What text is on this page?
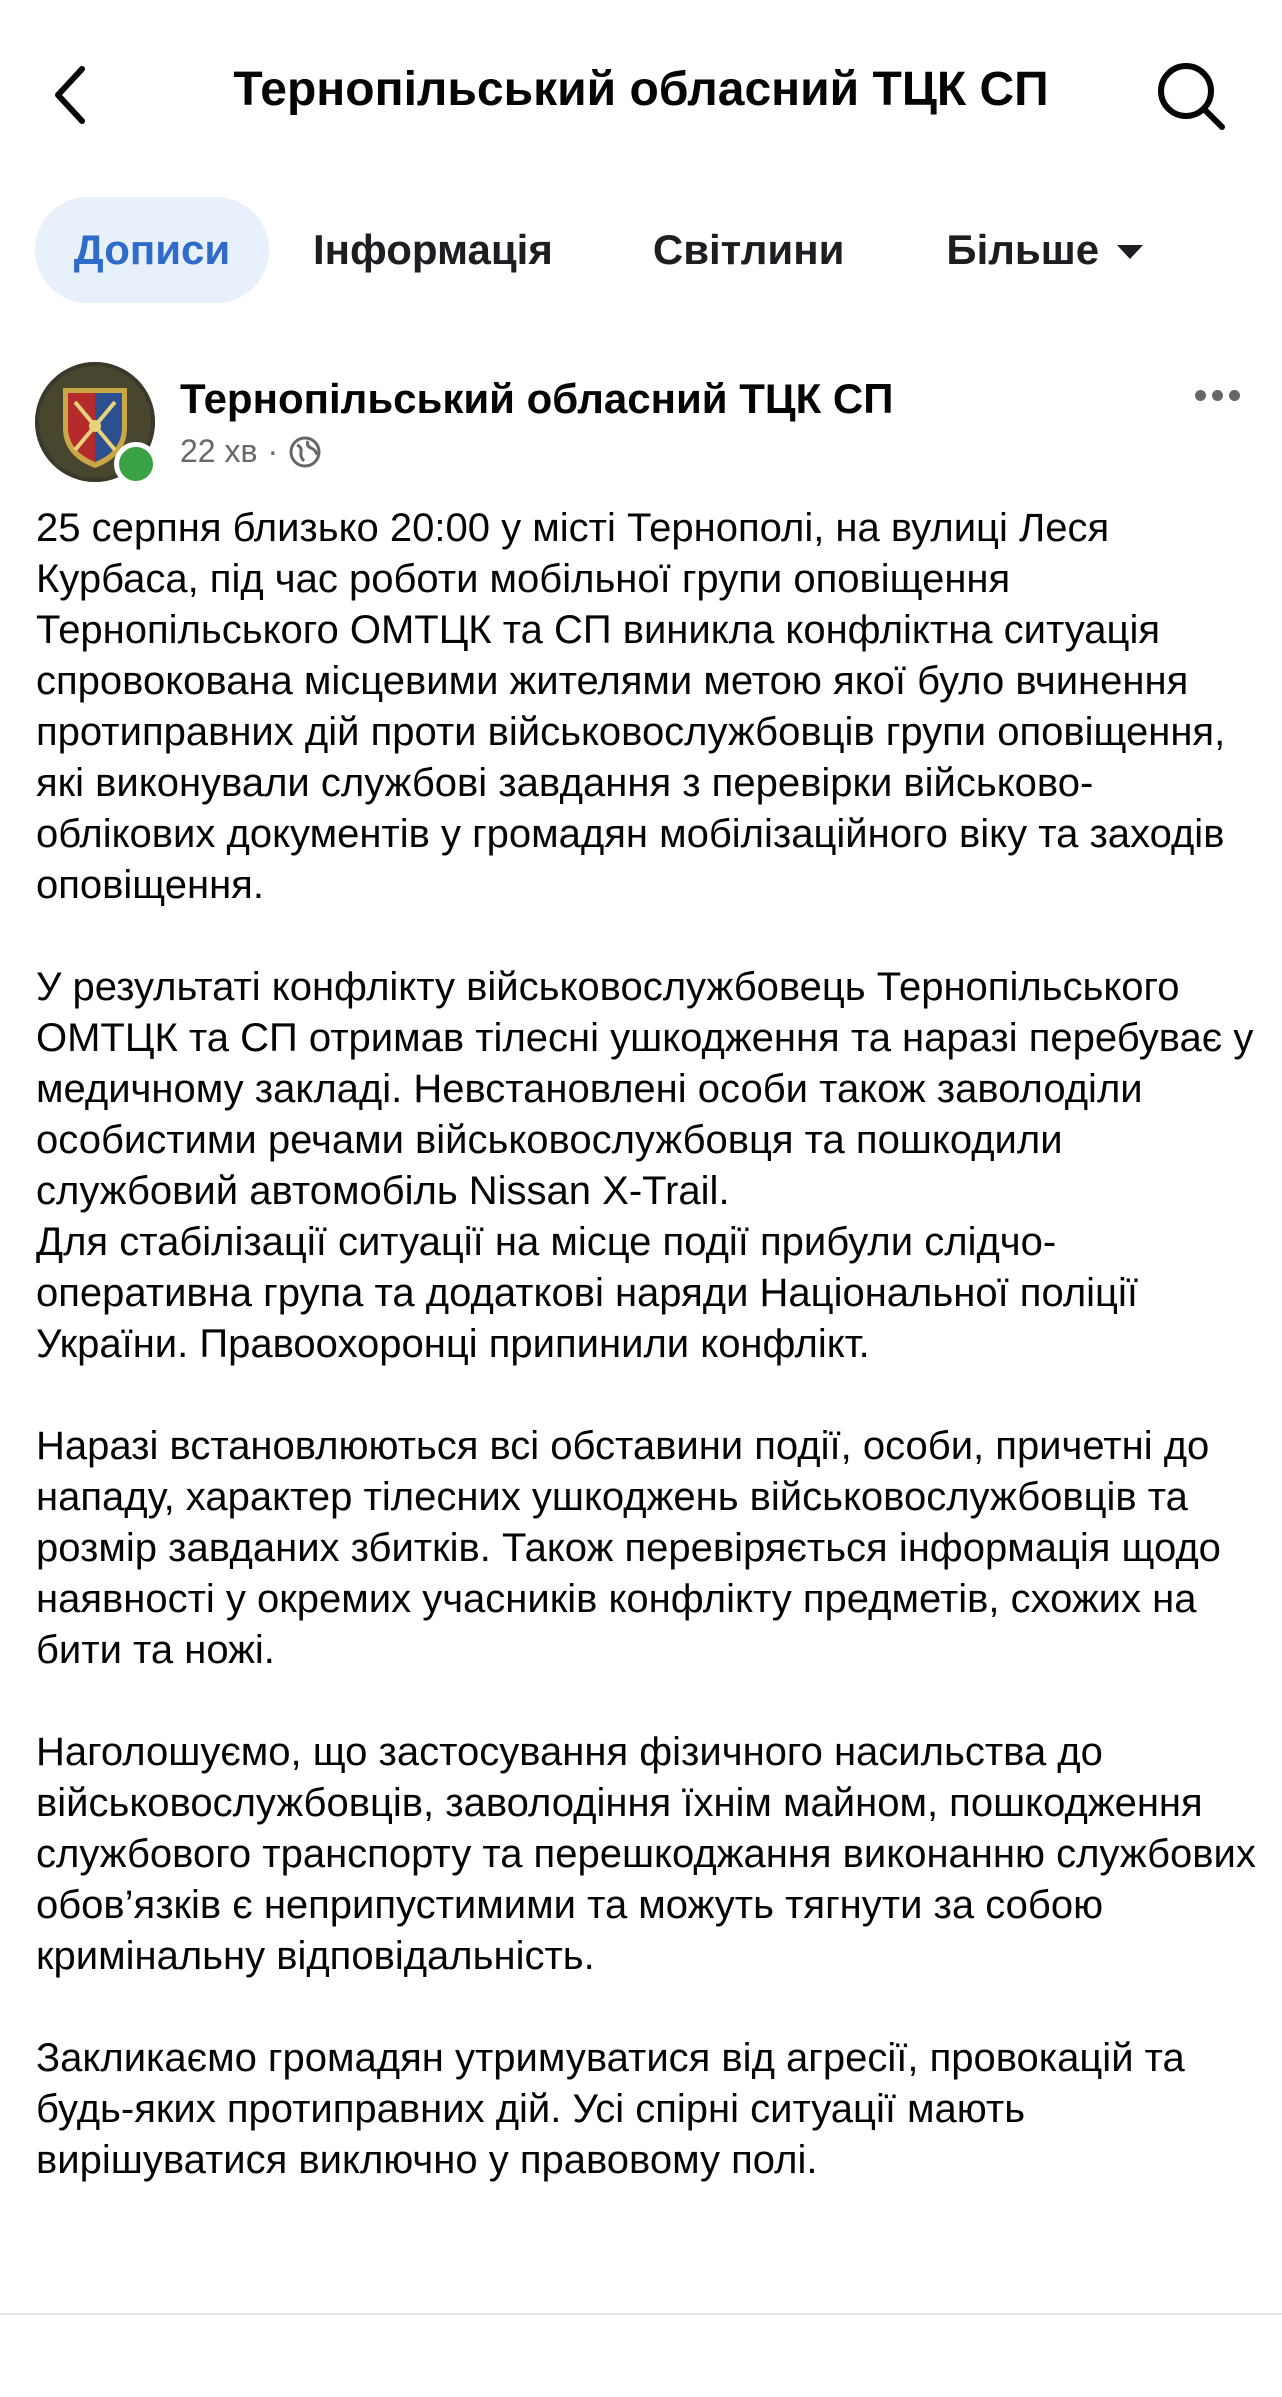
Тернопільський обласний ТЦК СП
Дописи Інформація Світлини Більше
Тернопільський обласний ТЦК СП
22 хв ·

25 серпня близько 20:00 у місті Тернополі, на вулиці Леся Курбаса, під час роботи мобільної групи оповіщення Тернопільського ОМТЦК та СП виникла конфліктна ситуація спровокована місцевими жителями метою якої було вчинення протиправних дій проти військовослужбовців групи оповіщення, які виконували службові завдання з перевірки військово-облікових документів у громадян мобілізаційного віку та заходів оповіщення.

У результаті конфлікту військовослужбовець Тернопільського ОМТЦК та СП отримав тілесні ушкодження та наразі перебуває у медичному закладі. Невстановлені особи також заволоділи особистими речами військовослужбовця та пошкодили службовий автомобіль Nissan X-Trail.
Для стабілізації ситуації на місце події прибули слідчо-оперативна група та додаткові наряди Національної поліції України. Правоохоронці припинили конфлікт.

Наразі встановлюються всі обставини події, особи, причетні до нападу, характер тілесних ушкоджень військовослужбовців та розмір завданих збитків. Також перевіряється інформація щодо наявності у окремих учасників конфлікту предметів, схожих на бити та ножі.

Наголошуємо, що застосування фізичного насильства до військовослужбовців, заволодіння їхнім майном, пошкодження службового транспорту та перешкоджання виконанню службових обов’язків є неприпустимими та можуть тягнути за собою кримінальну відповідальність.

Закликаємо громадян утримуватися від агресії, провокацій та будь-яких протиправних дій. Усі спірні ситуації мають вирішуватися виключно у правовому полі.
